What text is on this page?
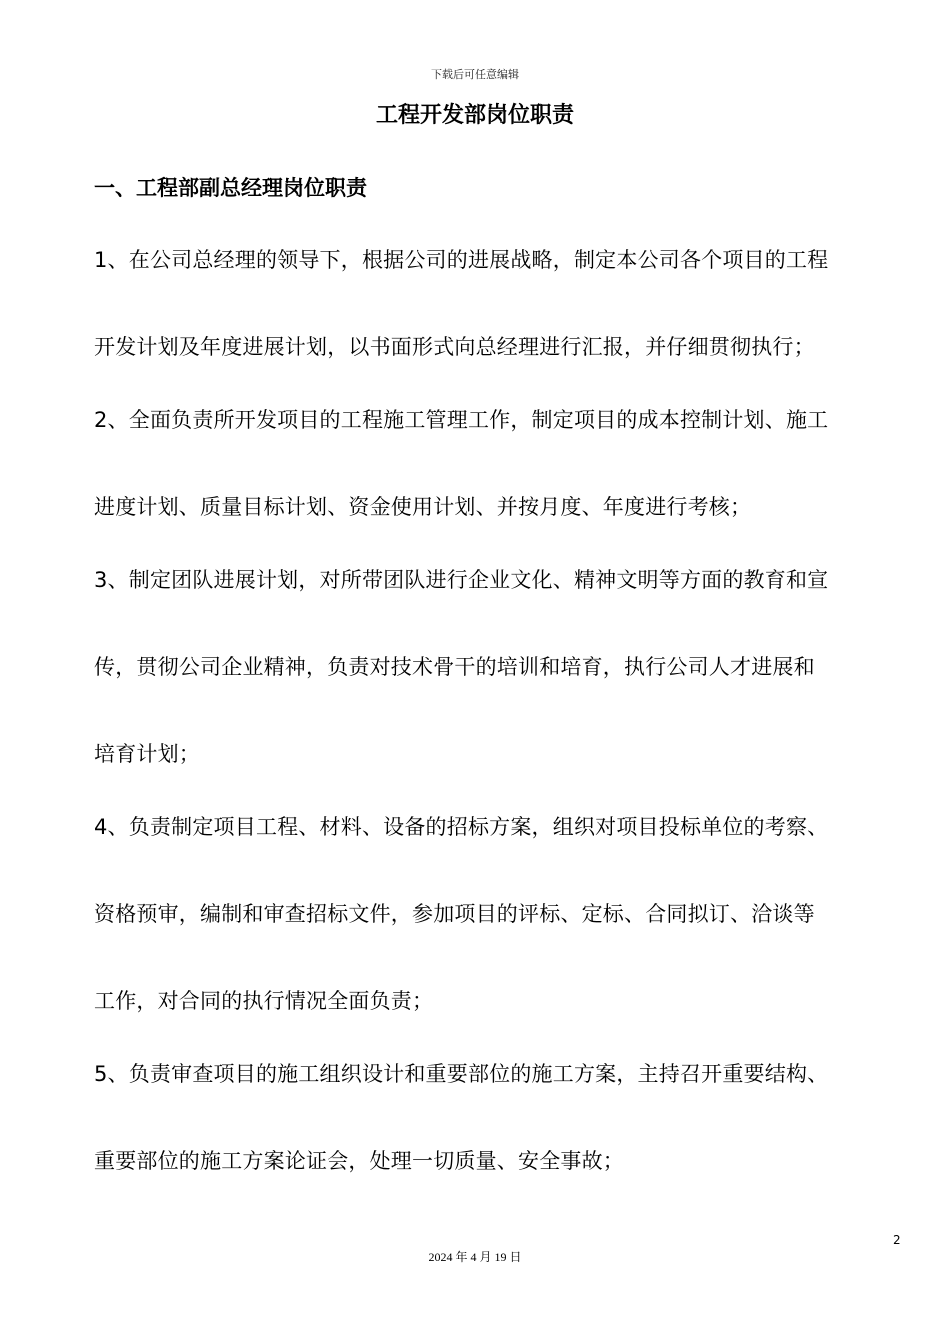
下载后可任意编辑
工程开发部岗位职责
一、工程部副总经理岗位职责
1、在公司总经理的领导下，根据公司的进展战略，制定本公司各个项目的工程
开发计划及年度进展计划，以书面形式向总经理进行汇报，并仔细贯彻执行；
2、全面负责所开发项目的工程施工管理工作，制定项目的成本控制计划、施工
进度计划、质量目标计划、资金使用计划、并按月度、年度进行考核；
3、制定团队进展计划，对所带团队进行企业文化、精神文明等方面的教育和宣
传，贯彻公司企业精神，负责对技术骨干的培训和培育，执行公司人才进展和
培育计划；
4、负责制定项目工程、材料、设备的招标方案，组织对项目投标单位的考察、
资格预审，编制和审查招标文件，参加项目的评标、定标、合同拟订、洽谈等
工作，对合同的执行情况全面负责；
5、负责审查项目的施工组织设计和重要部位的施工方案，主持召开重要结构、
重要部位的施工方案论证会，处理一切质量、安全事故；
2
2024 年 4 月 19 日
